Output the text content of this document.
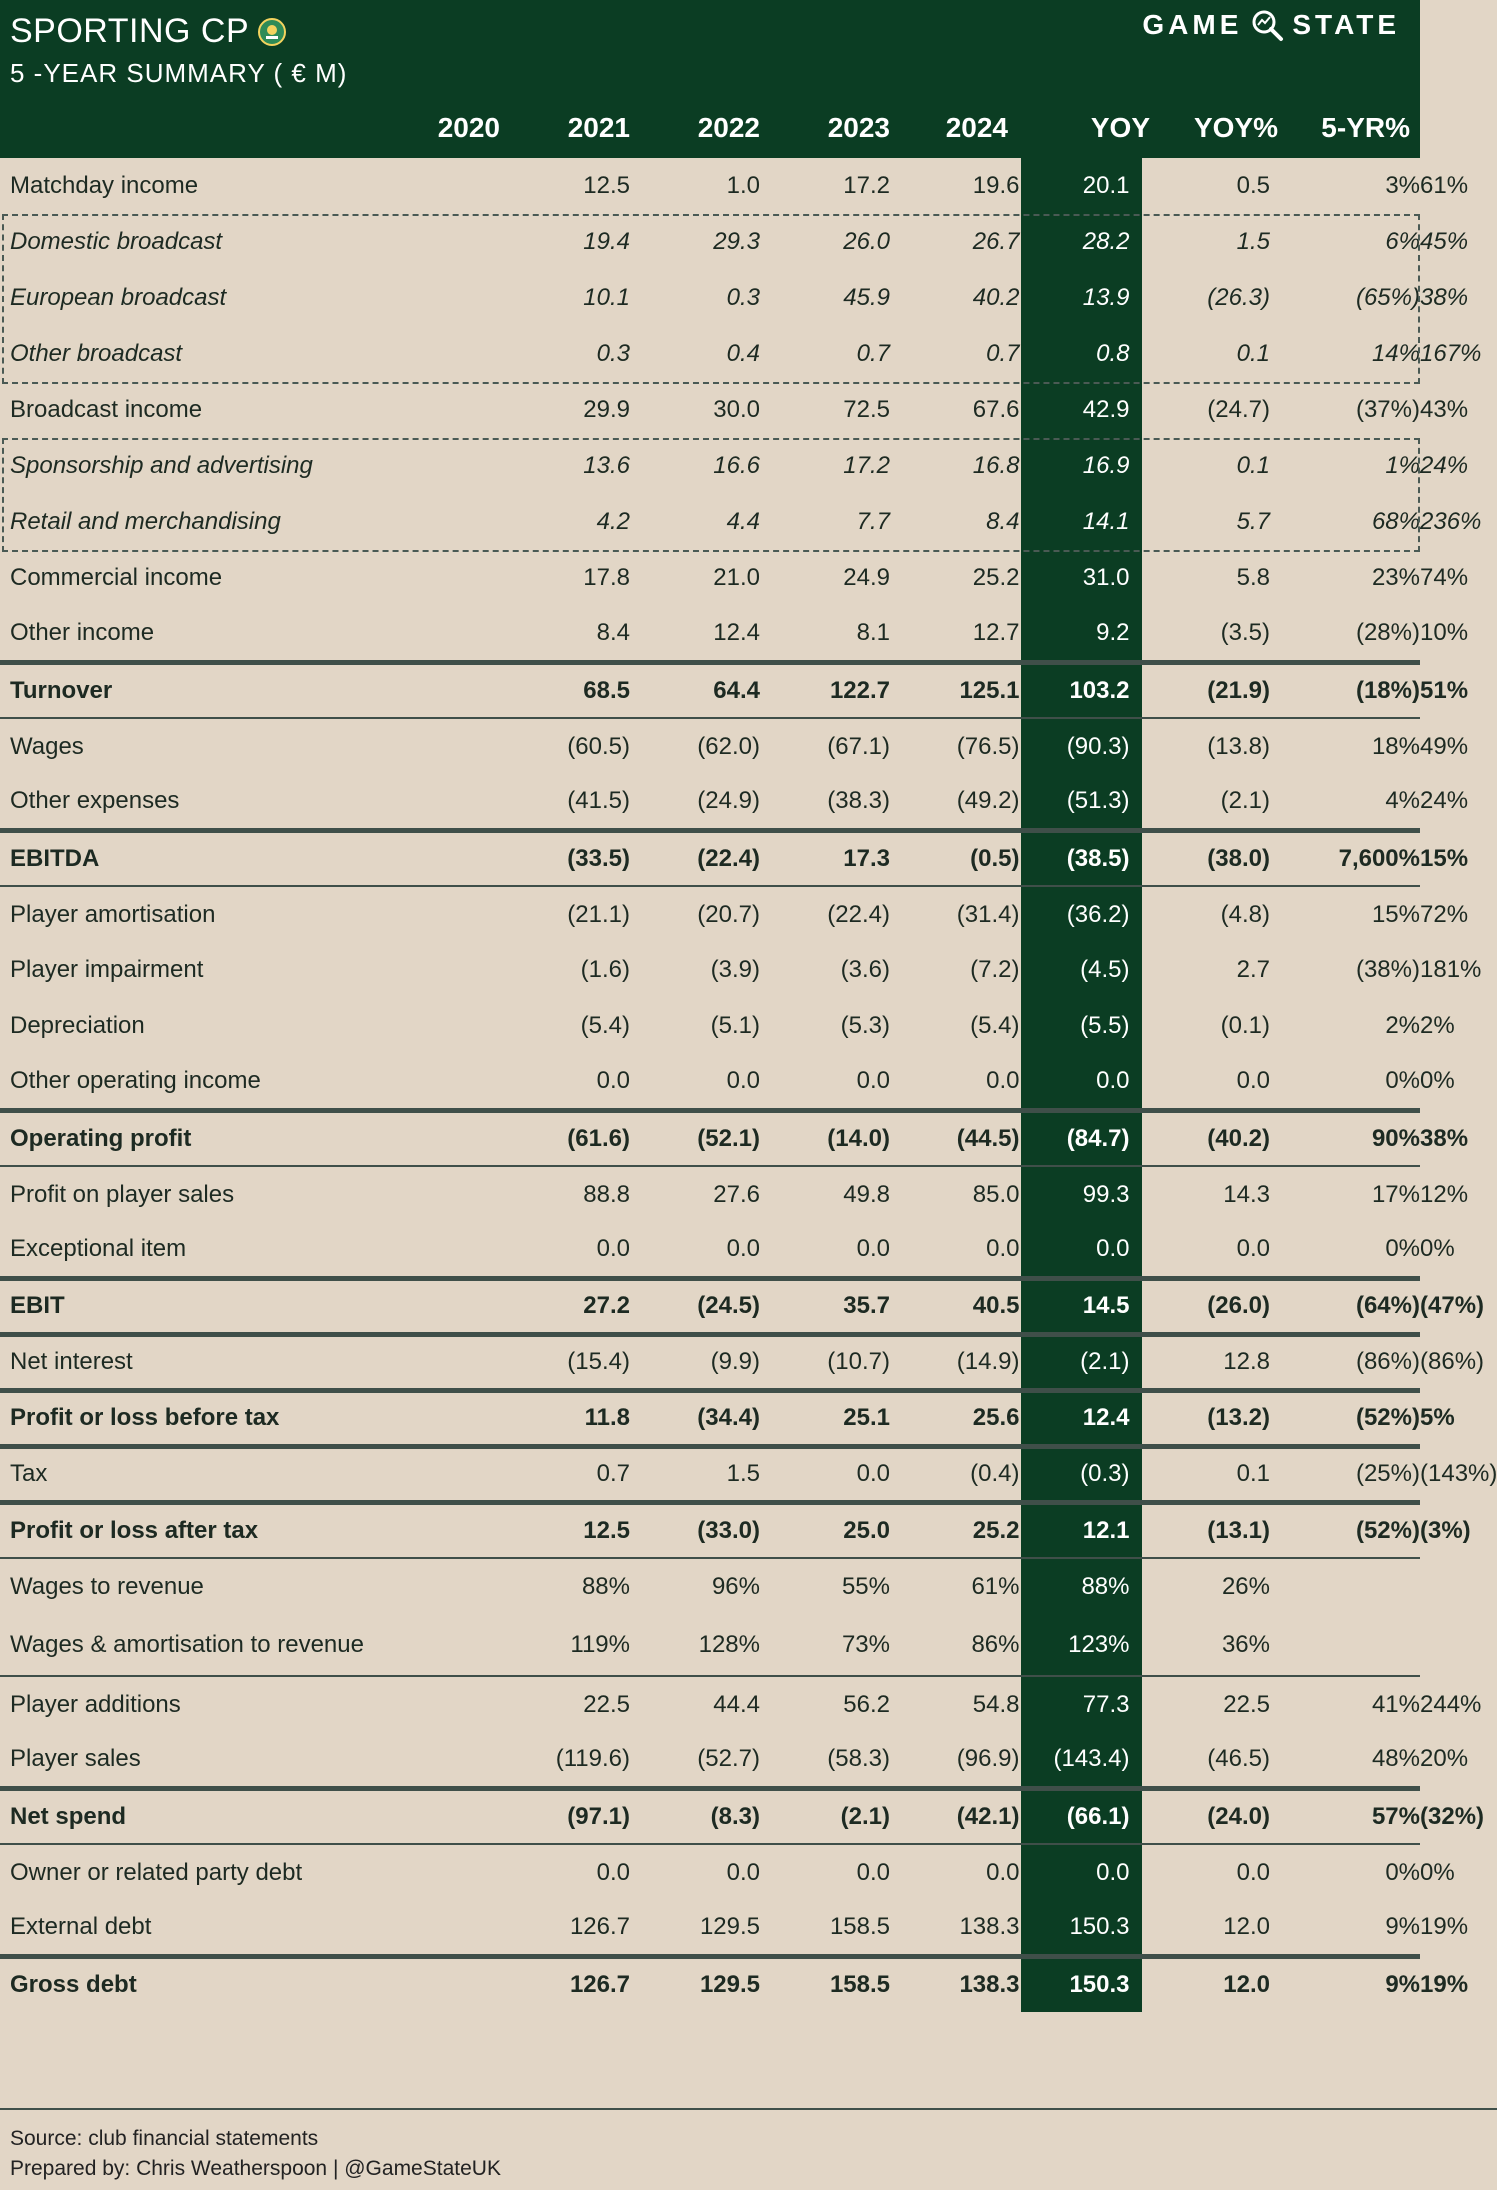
SPORTING CP
5 -YEAR SUMMARY ( € M)
GAME STATE
2020	2021	2022	2023	2024	YOY	YOY%	5-YR%
Matchday income	12.5	1.0	17.2	19.6	20.1	0.5	3%	61%
Domestic broadcast	19.4	29.3	26.0	26.7	28.2	1.5	6%	45%
European broadcast	10.1	0.3	45.9	40.2	13.9	(26.3)	(65%)	38%
Other broadcast	0.3	0.4	0.7	0.7	0.8	0.1	14%	167%
Broadcast income	29.9	30.0	72.5	67.6	42.9	(24.7)	(37%)	43%
Sponsorship and advertising	13.6	16.6	17.2	16.8	16.9	0.1	1%	24%
Retail and merchandising	4.2	4.4	7.7	8.4	14.1	5.7	68%	236%
Commercial income	17.8	21.0	24.9	25.2	31.0	5.8	23%	74%
Other income	8.4	12.4	8.1	12.7	9.2	(3.5)	(28%)	10%
Turnover	68.5	64.4	122.7	125.1	103.2	(21.9)	(18%)	51%
Wages	(60.5)	(62.0)	(67.1)	(76.5)	(90.3)	(13.8)	18%	49%
Other expenses	(41.5)	(24.9)	(38.3)	(49.2)	(51.3)	(2.1)	4%	24%
EBITDA	(33.5)	(22.4)	17.3	(0.5)	(38.5)	(38.0)	7,600%	15%
Player amortisation	(21.1)	(20.7)	(22.4)	(31.4)	(36.2)	(4.8)	15%	72%
Player impairment	(1.6)	(3.9)	(3.6)	(7.2)	(4.5)	2.7	(38%)	181%
Depreciation	(5.4)	(5.1)	(5.3)	(5.4)	(5.5)	(0.1)	2%	2%
Other operating income	0.0	0.0	0.0	0.0	0.0	0.0	0%	0%
Operating profit	(61.6)	(52.1)	(14.0)	(44.5)	(84.7)	(40.2)	90%	38%
Profit on player sales	88.8	27.6	49.8	85.0	99.3	14.3	17%	12%
Exceptional item	0.0	0.0	0.0	0.0	0.0	0.0	0%	0%
EBIT	27.2	(24.5)	35.7	40.5	14.5	(26.0)	(64%)	(47%)
Net interest	(15.4)	(9.9)	(10.7)	(14.9)	(2.1)	12.8	(86%)	(86%)
Profit or loss before tax	11.8	(34.4)	25.1	25.6	12.4	(13.2)	(52%)	5%
Tax	0.7	1.5	0.0	(0.4)	(0.3)	0.1	(25%)	(143%)
Profit or loss after tax	12.5	(33.0)	25.0	25.2	12.1	(13.1)	(52%)	(3%)
Wages to revenue	88%	96%	55%	61%	88%	26%		
Wages & amortisation to revenue	119%	128%	73%	86%	123%	36%		
Player additions	22.5	44.4	56.2	54.8	77.3	22.5	41%	244%
Player sales	(119.6)	(52.7)	(58.3)	(96.9)	(143.4)	(46.5)	48%	20%
Net spend	(97.1)	(8.3)	(2.1)	(42.1)	(66.1)	(24.0)	57%	(32%)
Owner or related party debt	0.0	0.0	0.0	0.0	0.0	0.0	0%	0%
External debt	126.7	129.5	158.5	138.3	150.3	12.0	9%	19%
Gross debt	126.7	129.5	158.5	138.3	150.3	12.0	9%	19%
Source: club financial statements
Prepared by: Chris Weatherspoon | @GameStateUK
